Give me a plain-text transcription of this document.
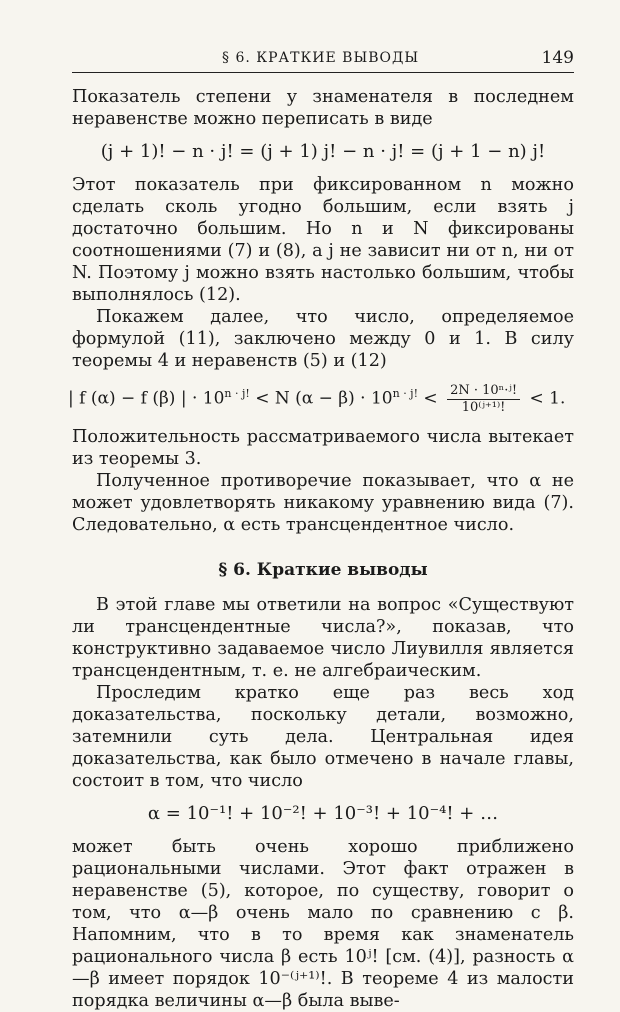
§ 6. КРАТКИЕ ВЫВОДЫ	149

Показатель степени у знаменателя в последнем неравенстве можно переписать в виде

(j + 1)! − n · j! = (j + 1) j! − n · j! = (j + 1 − n) j!

Этот показатель при фиксированном n можно сделать сколь угодно большим, если взять j достаточно большим. Но n и N фиксированы соотношениями (7) и (8), а j не зависит ни от n, ни от N. Поэтому j можно взять настолько большим, чтобы выполнялось (12).

Покажем далее, что число, определяемое формулой (11), заключено между 0 и 1. В силу теоремы 4 и неравенств (5) и (12)

| f (α) − f (β) | · $10^{n \cdot j!} < N$ $(\alpha - \beta) \cdot 10^{n \cdot j!} < \frac{\text{2N · 10ⁿ·ʲ!}}{\text{10⁽ʲ⁺¹⁾!}} < 1$.

Положительность рассматриваемого числа вытекает из теоремы 3.

Полученное противоречие показывает, что α не может удовлетворять никакому уравнению вида (7). Следовательно, α есть трансцендентное число.

§ 6. Краткие выводы

В этой главе мы ответили на вопрос «Существуют ли трансцендентные числа?», показав, что конструктивно задаваемое число Лиувилля является трансцендентным, т. е. не алгебраическим.

Проследим кратко еще раз весь ход доказательства, поскольку детали, возможно, затемнили суть дела. Центральная идея доказательства, как было отмечено в начале главы, состоит в том, что число

α = 10⁻¹! + 10⁻²! + 10⁻³! + 10⁻⁴! + …

может быть очень хорошо приближено рациональными числами. Этот факт отражен в неравенстве (5), которое, по существу, говорит о том, что α—β очень мало по сравнению с β. Напомним, что в то время как знаменатель рационального числа β есть 10ʲ! [см. (4)], разность α—β имеет порядок 10⁻⁽ʲ⁺¹⁾!. В теореме 4 из малости порядка величины α—β была выве-
